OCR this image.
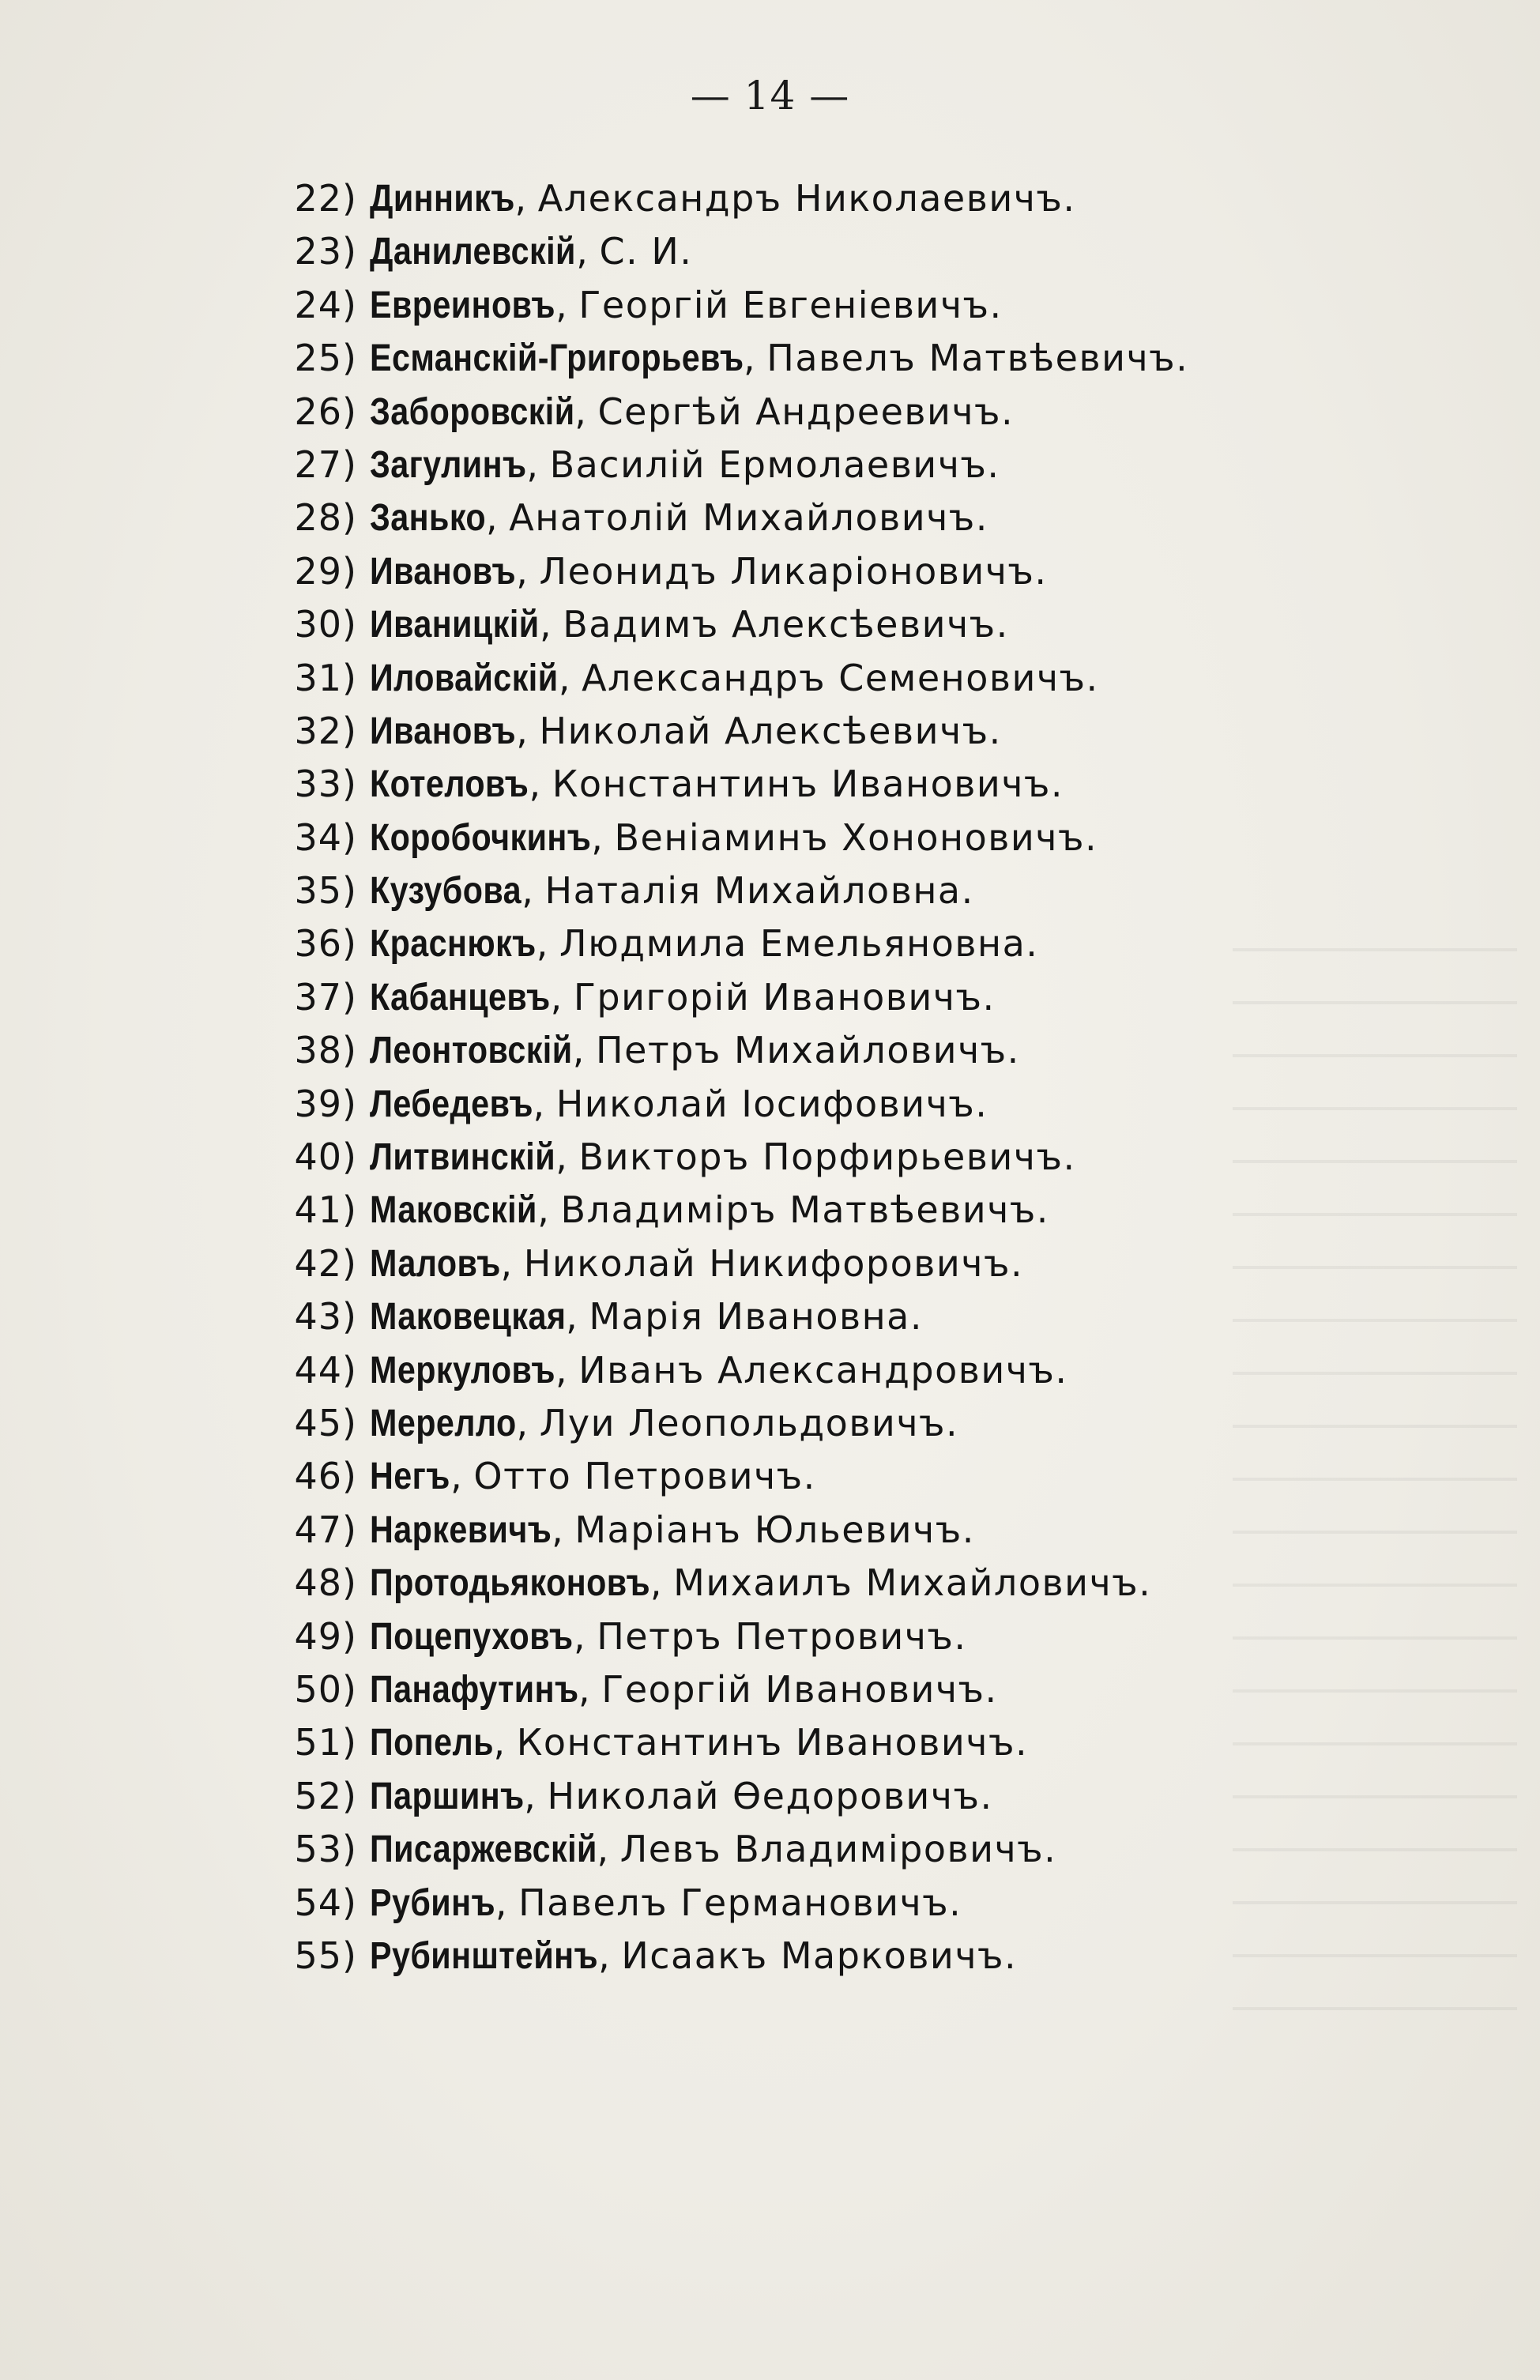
— 14 —
22) Динникъ, Александръ Николаевичъ.
23) Данилевскій, С. И.
24) Евреиновъ, Георгій Евгеніевичъ.
25) Есманскій-Григорьевъ, Павелъ Матвѣевичъ.
26) Заборовскій, Сергѣй Андреевичъ.
27) Загулинъ, Василій Ермолаевичъ.
28) Занько, Анатолій Михайловичъ.
29) Ивановъ, Леонидъ Ликаріоновичъ.
30) Иваницкій, Вадимъ Алексѣевичъ.
31) Иловайскій, Александръ Семеновичъ.
32) Ивановъ, Николай Алексѣевичъ.
33) Котеловъ, Константинъ Ивановичъ.
34) Коробочкинъ, Веніаминъ Хононовичъ.
35) Кузубова, Наталія Михайловна.
36) Краснюкъ, Людмила Емельяновна.
37) Кабанцевъ, Григорій Ивановичъ.
38) Леонтовскій, Петръ Михайловичъ.
39) Лебедевъ, Николай Іосифовичъ.
40) Литвинскій, Викторъ Порфирьевичъ.
41) Маковскій, Владиміръ Матвѣевичъ.
42) Маловъ, Николай Никифоровичъ.
43) Маковецкая, Марія Ивановна.
44) Меркуловъ, Иванъ Александровичъ.
45) Мерелло, Луи Леопольдовичъ.
46) Негъ, Отто Петровичъ.
47) Наркевичъ, Маріанъ Юльевичъ.
48) Протодьяконовъ, Михаилъ Михайловичъ.
49) Поцепуховъ, Петръ Петровичъ.
50) Панафутинъ, Георгій Ивановичъ.
51) Попель, Константинъ Ивановичъ.
52) Паршинъ, Николай Өедоровичъ.
53) Писаржевскій, Левъ Владиміровичъ.
54) Рубинъ, Павелъ Германовичъ.
55) Рубинштейнъ, Исаакъ Марковичъ.
